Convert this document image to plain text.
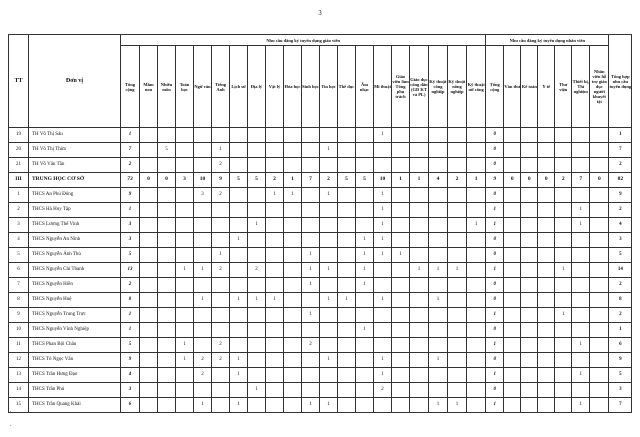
3
TT	Đơn vị	Nhu cầu đăng ký tuyển dụng giáo viên																				Nhu cầu đăng ký tuyển dụng nhân viên							Tổng hợp nhu cầu tuyển dụng
		Tổng cộng	Mầm non	Nhiều môn	Toán học	Ngữ văn	Tiếng Anh	Lịch sử	Địa lý	Vật lý	Hóa học	Sinh học	Tin học	Thể dục	Âm nhạc	Mĩ thuật	Giáo viên làm Tổng phụ trách	Giáo dục công dân (GD KT và PL)	Kỹ thuật công nghiệp	Kỹ thuật nông nghiệp	Kỹ thuật nữ công	Tổng cộng	Văn thư	Kế toán	Y tế	Thư viện	Thiết bị, Thí nghiệm	Nhân viên hỗ trợ giáo dục người khuyết tật	
19	TH Võ Thị Sáu	1														1						0							1
20	TH Võ Thị Thừa	7		5			1						1									0							7
21	TH Võ Văn Tần	2					2															0							2
III	TRUNG HỌC CƠ SỞ	73	0	0	3	10	9	5	5	2	1	7	2	5	5	10	1	1	4	2	1	9	0	0	0	2	7	0	82
1	THCS An Phú Đông	9				3	2			1	1		1			1						0							9
2	THCS Hà Huy Tập	1														1						1					1		2
3	THCS Lương Thế Vinh	3							1							1					1	1					1		4
4	THCS Nguyễn An Ninh	3						1							1	1						0							3
5	THCS Nguyễn Ánh Thủ	5					1					1			1	1	1					0							5
6	THCS Nguyễn Chí Thanh	13			1	1	2		2			1	1		1			1	1	1		1				1			14
7	THCS Nguyễn Hiền	2										1			1							0							2
8	THCS Nguyễn Huệ	8				1		1	1	1			1	1		1			1			0							8
9	THCS Nguyễn Trung Trực	1										1										1				1			2
10	THCS Nguyễn Vĩnh Nghiệp	1													1							0							1
11	THCS Phan Bội Châu	5			1		2					2										1					1		6
12	THCS Tô Ngọc Vân	9			1	2	2	1					1			1			1			0							9
13	THCS Trần Hưng Đạo	4				2		1								1						1					1		5
14	THCS Trần Phú	3							1							2						0							3
15	THCS Trần Quang Khải	6				1		1				1	1						1	1		1					1		7
.
.
